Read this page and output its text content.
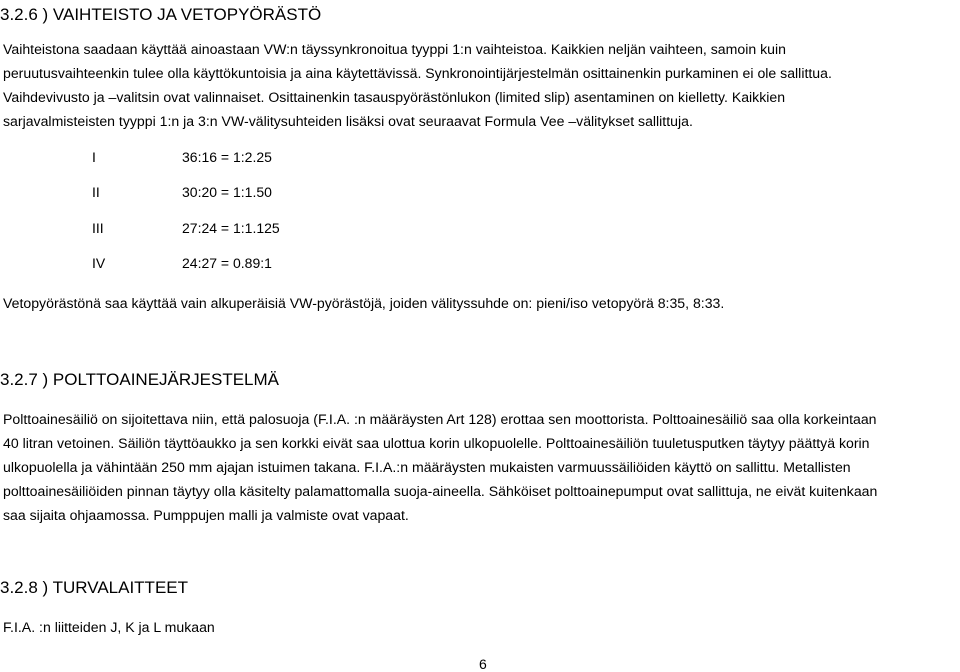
3.2.6 ) VAIHTEISTO JA VETOPYÖRÄSTÖ
Vaihteistona saadaan käyttää ainoastaan VW:n täyssynkronoitua tyyppi 1:n vaihteistoa. Kaikkien neljän vaihteen, samoin kuin
peruutusvaihteenkin tulee olla käyttökuntoisia ja aina käytettävissä. Synkronointijärjestelmän osittainenkin purkaminen ei ole sallittua.
Vaihdevivusto ja –valitsin ovat valinnaiset. Osittainenkin tasauspyörästönlukon (limited slip) asentaminen on kielletty. Kaikkien
sarjavalmisteisten tyyppi 1:n ja 3:n VW-välitysuhteiden lisäksi ovat seuraavat Formula Vee –välitykset sallittuja.
I	36:16 = 1:2.25
II	30:20 = 1:1.50
III	27:24 = 1:1.125
IV	24:27 = 0.89:1
Vetopyörästönä saa käyttää vain alkuperäisiä VW-pyörästöjä, joiden välityssuhde on: pieni/iso vetopyörä 8:35, 8:33.
3.2.7 ) POLTTOAINEJÄRJESTELMÄ
Polttoainesäiliö on sijoitettava niin, että palosuoja (F.I.A. :n määräysten Art 128) erottaa sen moottorista. Polttoainesäiliö saa olla korkeintaan
40 litran vetoinen. Säiliön täyttöaukko ja sen korkki eivät saa ulottua korin ulkopuolelle. Polttoainesäiliön tuuletusputken täytyy päättyä korin
ulkopuolella ja vähintään 250 mm ajajan istuimen takana. F.I.A.:n määräysten mukaisten varmuussäiliöiden käyttö on sallittu. Metallisten
polttoainesäiliöiden pinnan täytyy olla käsitelty palamattomalla suoja-aineella. Sähköiset polttoainepumput ovat sallittuja, ne eivät kuitenkaan
saa sijaita ohjaamossa. Pumppujen malli ja valmiste ovat vapaat.
3.2.8 ) TURVALAITTEET
F.I.A. :n liitteiden J, K ja L mukaan
6
